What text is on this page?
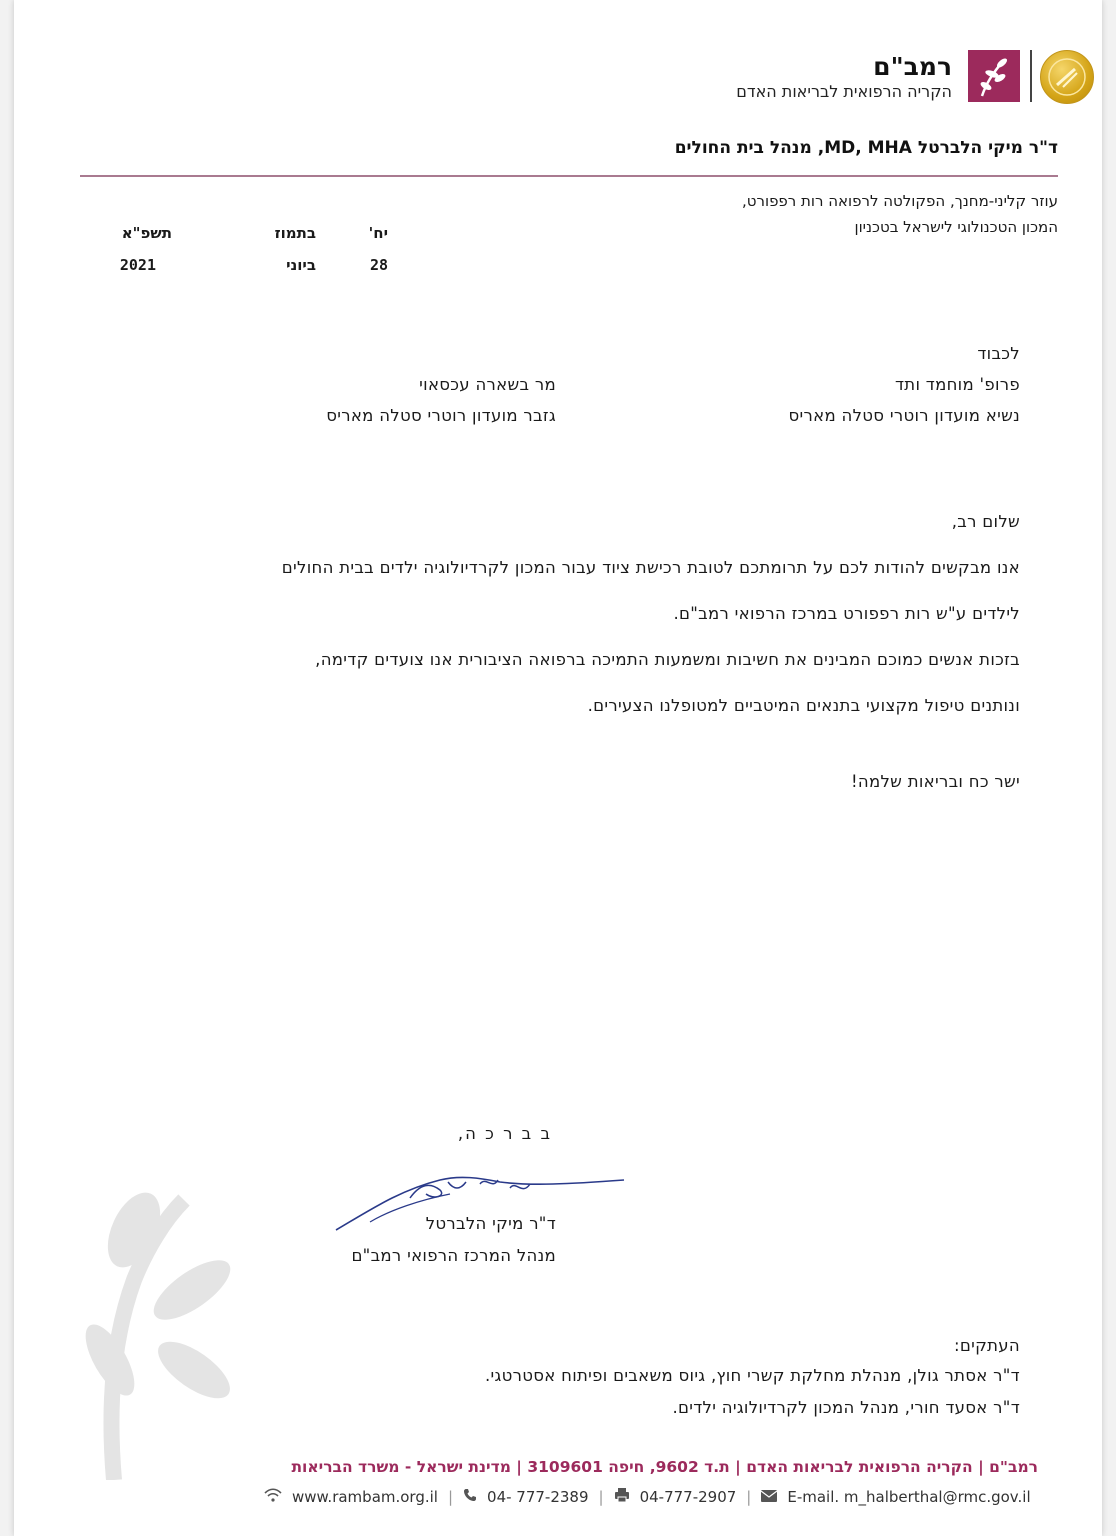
רמב"ם
הקריה הרפואית לבריאות האדם
ד"ר מיקי הלברטל MD, MHA, מנהל בית החולים
עוזר קליני-מחנך, הפקולטה לרפואה רות רפפורט,
המכון הטכנולוגי לישראל בטכניון
יח'
בתמוז
תשפ"א
28
ביוני
2021
לכבוד
פרופ' מוחמד ותד
נשיא מועדון רוטרי סטלה מאריס
מר בשארה עכסאוי
גזבר מועדון רוטרי סטלה מאריס
שלום רב,
אנו מבקשים להודות לכם על תרומתכם לטובת רכישת ציוד עבור המכון לקרדיולוגיה ילדים בבית החולים
לילדים ע"ש רות רפפורט במרכז הרפואי רמב"ם.
בזכות אנשים כמוכם המבינים את חשיבות ומשמעות התמיכה ברפואה הציבורית אנו צועדים קדימה,
ונותנים טיפול מקצועי בתנאים המיטביים למטופלנו הצעירים.
ישר כח ובריאות שלמה!
ב ב ר כ ה,
ד"ר מיקי הלברטל
מנהל המרכז הרפואי רמב"ם
העתקים:
ד"ר אסתר גולן, מנהלת מחלקת קשרי חוץ, גיוס משאבים ופיתוח אסטרטגי.
ד"ר אסעד חורי, מנהל המכון לקרדיולוגיה ילדים.
רמב"ם | הקריה הרפואית לבריאות האדם | ת.ד 9602, חיפה 3109601 | מדינת ישראל - משרד הבריאות
www.rambam.org.il | 04- 777-2389 | 04-777-2907 | E-mail. m_halberthal@rmc.gov.il
